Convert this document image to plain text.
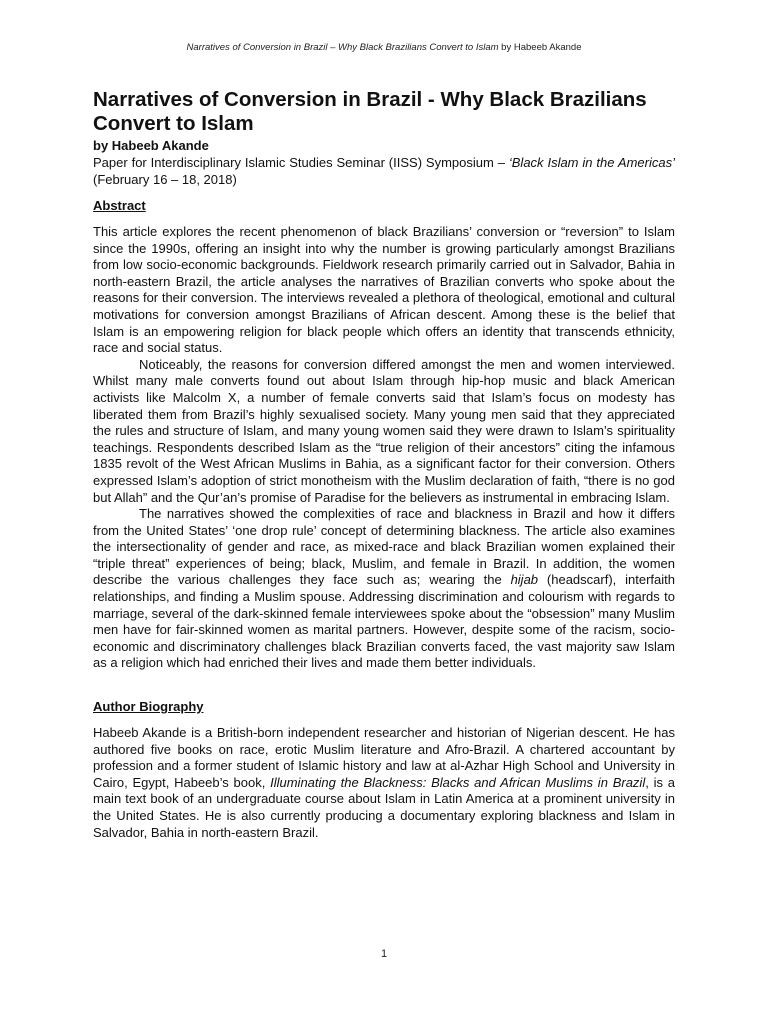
Narratives of Conversion in Brazil – Why Black Brazilians Convert to Islam by Habeeb Akande
Narratives of Conversion in Brazil - Why Black Brazilians Convert to Islam
by Habeeb Akande
Paper for Interdisciplinary Islamic Studies Seminar (IISS) Symposium – ‘Black Islam in the Americas’ (February 16 – 18, 2018)
Abstract

This article explores the recent phenomenon of black Brazilians’ conversion or “reversion” to Islam since the 1990s, offering an insight into why the number is growing particularly amongst Brazilians from low socio-economic backgrounds. Fieldwork research primarily carried out in Salvador, Bahia in north-eastern Brazil, the article analyses the narratives of Brazilian converts who spoke about the reasons for their conversion. The interviews revealed a plethora of theological, emotional and cultural motivations for conversion amongst Brazilians of African descent. Among these is the belief that Islam is an empowering religion for black people which offers an identity that transcends ethnicity, race and social status.

Noticeably, the reasons for conversion differed amongst the men and women interviewed. Whilst many male converts found out about Islam through hip-hop music and black American activists like Malcolm X, a number of female converts said that Islam’s focus on modesty has liberated them from Brazil’s highly sexualised society. Many young men said that they appreciated the rules and structure of Islam, and many young women said they were drawn to Islam’s spirituality teachings. Respondents described Islam as the “true religion of their ancestors” citing the infamous 1835 revolt of the West African Muslims in Bahia, as a significant factor for their conversion. Others expressed Islam’s adoption of strict monotheism with the Muslim declaration of faith, “there is no god but Allah” and the Qur’an’s promise of Paradise for the believers as instrumental in embracing Islam.

The narratives showed the complexities of race and blackness in Brazil and how it differs from the United States’ ‘one drop rule’ concept of determining blackness. The article also examines the intersectionality of gender and race, as mixed-race and black Brazilian women explained their “triple threat” experiences of being; black, Muslim, and female in Brazil. In addition, the women describe the various challenges they face such as; wearing the hijab (headscarf), interfaith relationships, and finding a Muslim spouse. Addressing discrimination and colourism with regards to marriage, several of the dark-skinned female interviewees spoke about the “obsession” many Muslim men have for fair-skinned women as marital partners. However, despite some of the racism, socio-economic and discriminatory challenges black Brazilian converts faced, the vast majority saw Islam as a religion which had enriched their lives and made them better individuals.

Author Biography

Habeeb Akande is a British-born independent researcher and historian of Nigerian descent. He has authored five books on race, erotic Muslim literature and Afro-Brazil. A chartered accountant by profession and a former student of Islamic history and law at al-Azhar High School and University in Cairo, Egypt, Habeeb’s book, Illuminating the Blackness: Blacks and African Muslims in Brazil, is a main text book of an undergraduate course about Islam in Latin America at a prominent university in the United States. He is also currently producing a documentary exploring blackness and Islam in Salvador, Bahia in north-eastern Brazil.

1
